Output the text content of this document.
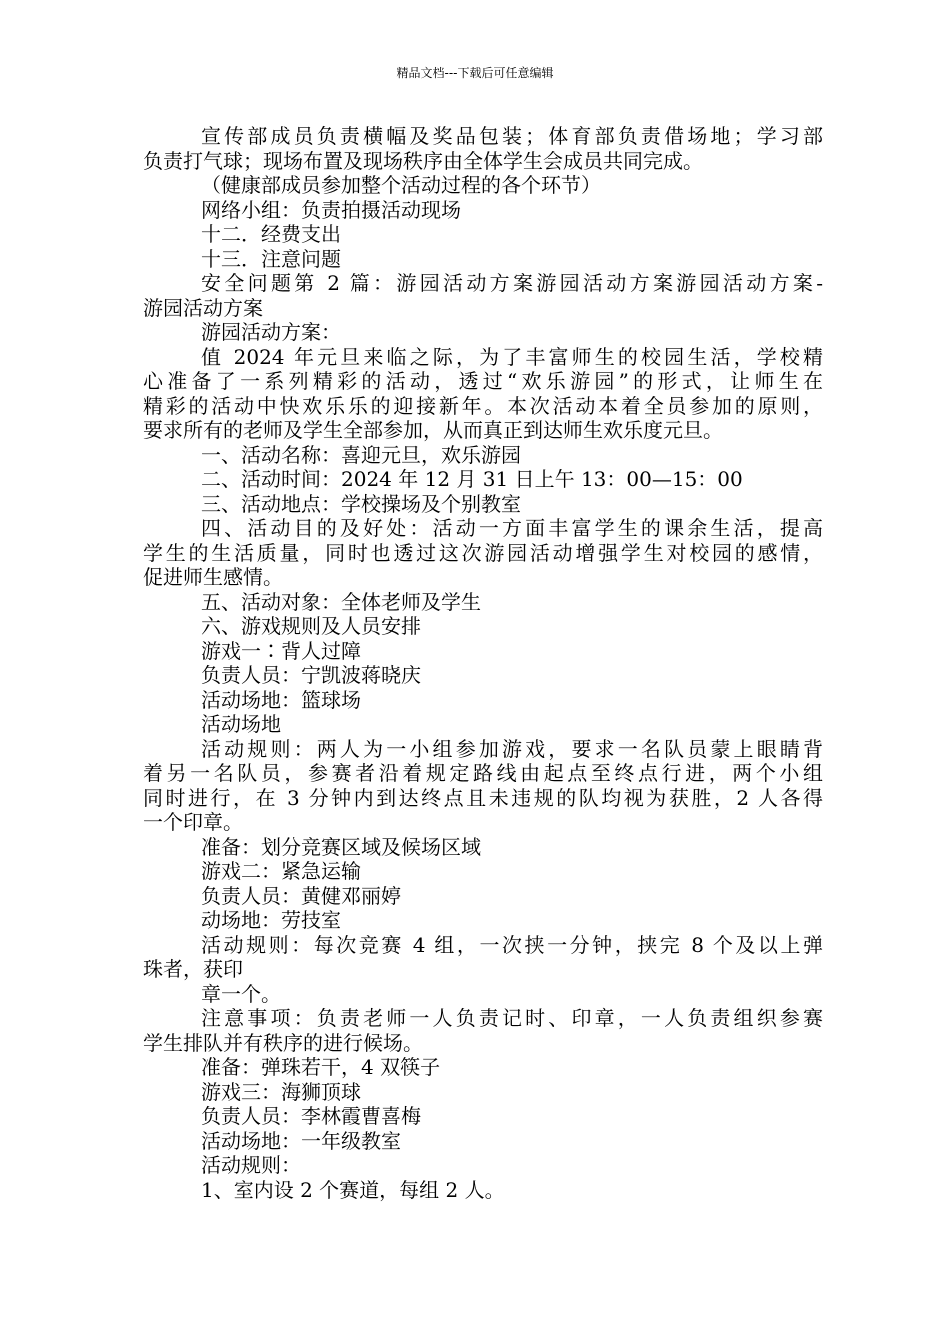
精品文档---下载后可任意编辑

宣传部成员负责横幅及奖品包装；体育部负责借场地；学习部

负责打气球；现场布置及现场秩序由全体学生会成员共同完成。

（健康部成员参加整个活动过程的各个环节）

网络小组：负责拍摄活动现场

十二．经费支出

十三．注意问题

安全问题第 2 篇：游园活动方案游园活动方案游园活动方案-

游园活动方案

游园活动方案：

值 2024 年元旦来临之际，为了丰富师生的校园生活，学校精

心准备了一系列精彩的活动，透过“欢乐游园”的形式，让师生在

精彩的活动中快欢乐乐的迎接新年。本次活动本着全员参加的原则，

要求所有的老师及学生全部参加，从而真正到达师生欢乐度元旦。

一、活动名称：喜迎元旦，欢乐游园

二、活动时间：2024 年 12 月 31 日上午 13：00—15：00

三、活动地点：学校操场及个别教室

四、活动目的及好处：活动一方面丰富学生的课余生活，提高

学生的生活质量，同时也透过这次游园活动增强学生对校园的感情，

促进师生感情。

五、活动对象：全体老师及学生

六、游戏规则及人员安排

游戏一∶背人过障

负责人员：宁凯波蒋晓庆

活动场地：篮球场

活动场地

活动规则：两人为一小组参加游戏，要求一名队员蒙上眼睛背

着另一名队员，参赛者沿着规定路线由起点至终点行进，两个小组

同时进行，在 3 分钟内到达终点且未违规的队均视为获胜，2 人各得

一个印章。

准备：划分竞赛区域及候场区域

游戏二：紧急运输

负责人员：黄健邓丽婷

动场地：劳技室

活动规则：每次竞赛 4 组，一次挟一分钟，挟完 8 个及以上弹

珠者，获印

章一个。

注意事项：负责老师一人负责记时、印章，一人负责组织参赛

学生排队并有秩序的进行候场。

准备：弹珠若干，4 双筷子

游戏三：海狮顶球

负责人员：李林霞曹喜梅

活动场地：一年级教室

活动规则：

1、室内设 2 个赛道，每组 2 人。
